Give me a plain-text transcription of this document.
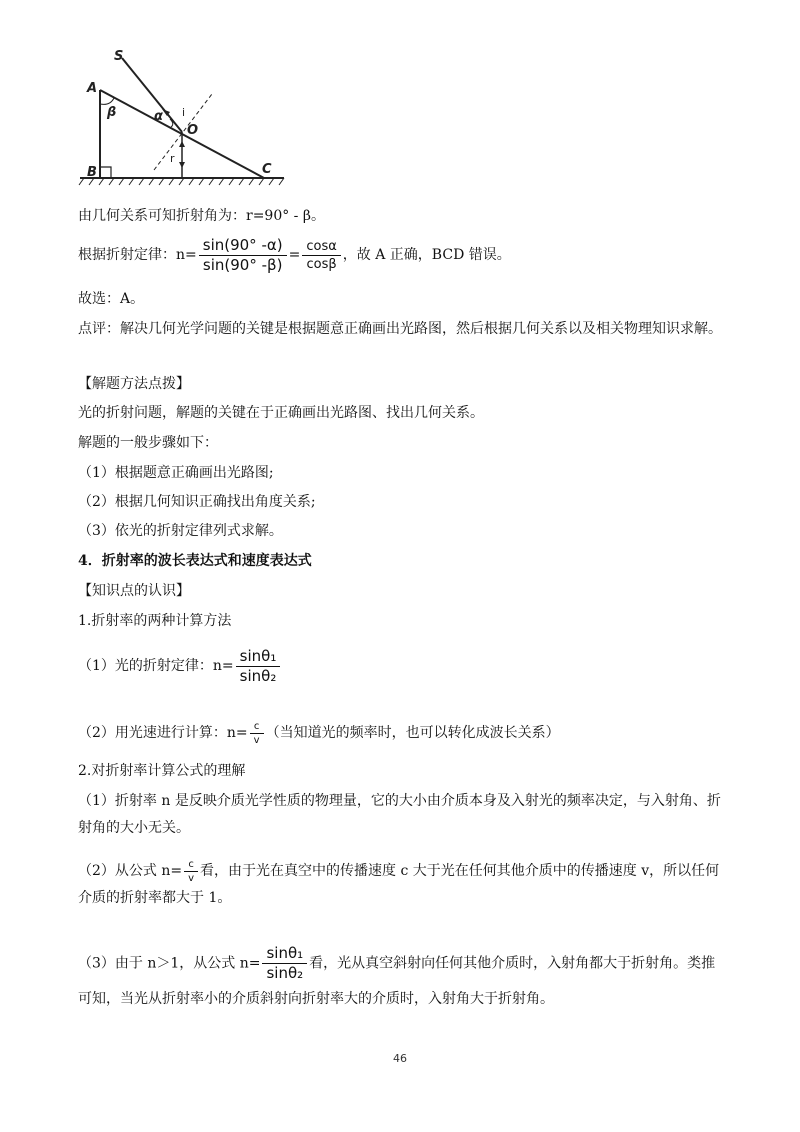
S
A
B	C
O
i
r
α
β
由几何关系可知折射角为：r=90° - β。
根据折射定律：$n= \frac{\sin(90^\circ -\alpha)}{\sin(90^\circ -\beta)} = \frac{\cos\alpha}{\cos\beta}$ ，故 A 正确，BCD 错误。
故选：A。
点评：解决几何光学问题的关键是根据题意正确画出光路图，然后根据几何关系以及相关物理知识求解。
【解题方法点拨】
光的折射问题，解题的关键在于正确画出光路图、找出几何关系。
解题的一般步骤如下：
（1）根据题意正确画出光路图;
（2）根据几何知识正确找出角度关系;
（3）依光的折射定律列式求解。
4．折射率的波长表达式和速度表达式
【知识点的认识】
1.折射率的两种计算方法
（1）光的折射定律：$n= \frac{\text{sinθ₁}}{\text{sinθ₂}}$
（2）用光速进行计算：$n= \frac{c}{v}$ （当知道光的频率时，也可以转化成波长关系）
2.对折射率计算公式的理解
（1）折射率 n 是反映介质光学性质的物理量，它的大小由介质本身及入射光的频率决定，与入射角、折射角的大小无关。
（2）从公式 $n= \frac{c}{v}$ 看，由于光在真空中的传播速度 c 大于光在任何其他介质中的传播速度 v，所以任何介质的折射率都大于 1。
（3）由于 n＞1，从公式 $n= \frac{\text{sinθ₁}}{\text{sinθ₂}}$ 看，光从真空斜射向任何其他介质时，入射角都大于折射角。类推可知，当光从折射率小的介质斜射向折射率大的介质时，入射角大于折射角。
46
